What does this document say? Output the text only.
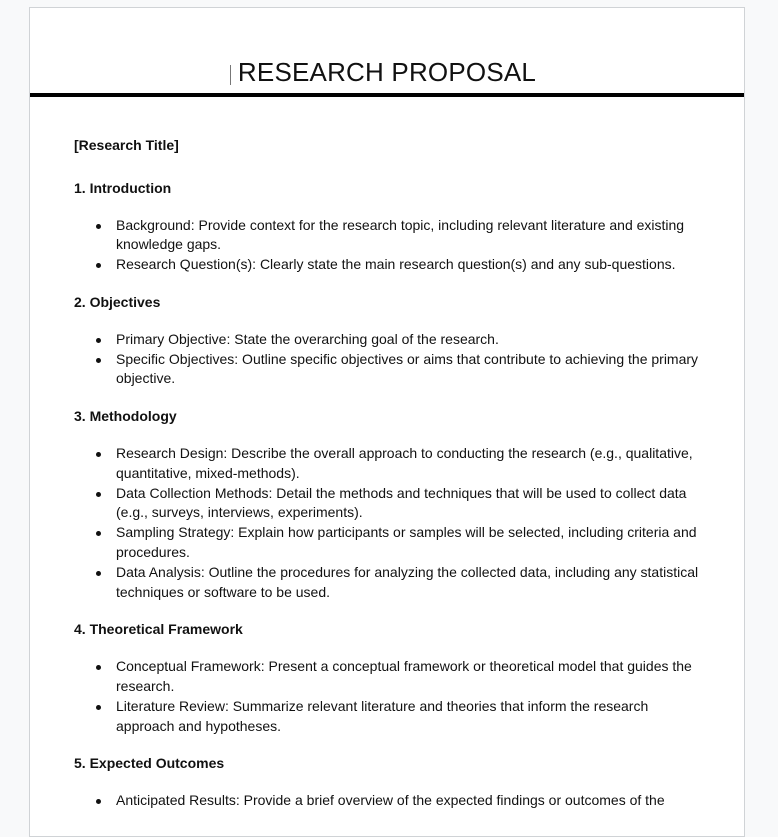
RESEARCH PROPOSAL

[Research Title]

1. Introduction

Background: Provide context for the research topic, including relevant literature and existing knowledge gaps.
Research Question(s): Clearly state the main research question(s) and any sub-questions.

2. Objectives

Primary Objective: State the overarching goal of the research.
Specific Objectives: Outline specific objectives or aims that contribute to achieving the primary objective.

3. Methodology

Research Design: Describe the overall approach to conducting the research (e.g., qualitative, quantitative, mixed-methods).
Data Collection Methods: Detail the methods and techniques that will be used to collect data (e.g., surveys, interviews, experiments).
Sampling Strategy: Explain how participants or samples will be selected, including criteria and procedures.
Data Analysis: Outline the procedures for analyzing the collected data, including any statistical techniques or software to be used.

4. Theoretical Framework

Conceptual Framework: Present a conceptual framework or theoretical model that guides the research.
Literature Review: Summarize relevant literature and theories that inform the research approach and hypotheses.

5. Expected Outcomes

Anticipated Results: Provide a brief overview of the expected findings or outcomes of the
